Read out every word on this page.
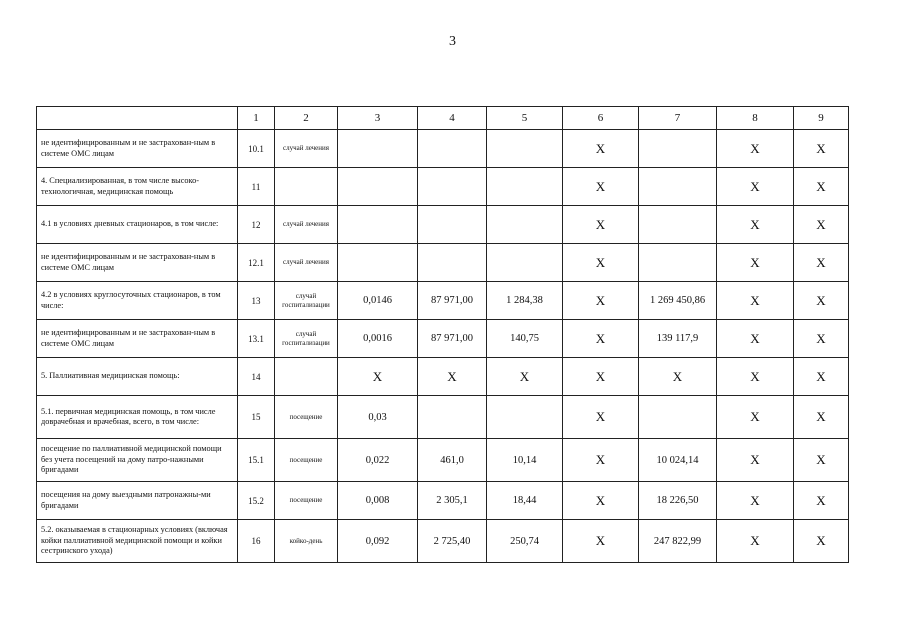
3
	1	2	3	4	5	6	7	8	9
не идентифицированным и не застрахован-ным в системе ОМС лицам	10.1	случай лечения				X		X	X
4. Специализированная, в том числе высоко-технологичная, медицинская помощь	11					X		X	X
4.1 в условиях дневных стационаров, в том числе:	12	случай лечения				X		X	X
не идентифицированным и не застрахован-ным в системе ОМС лицам	12.1	случай лечения				X		X	X
4.2 в условиях круглосуточных стационаров, в том числе:	13	случай госпитализации	0,0146	87 971,00	1 284,38	X	1 269 450,86	X	X
не идентифицированным и не застрахован-ным в системе ОМС лицам	13.1	случай госпитализации	0,0016	87 971,00	140,75	X	139 117,9	X	X
5. Паллиативная медицинская помощь:	14		X	X	X	X	X	X	X
5.1. первичная медицинская помощь, в том числе доврачебная и врачебная, всего, в том числе:	15	посещение	0,03			X		X	X
посещение по паллиативной медицинской помощи без учета посещений на дому патро-нажными бригадами	15.1	посещение	0,022	461,0	10,14	X	10 024,14	X	X
посещения на дому выездными патронажны-ми бригадами	15.2	посещение	0,008	2 305,1	18,44	X	18 226,50	X	X
5.2. оказываемая в стационарных условиях (включая койки паллиативной медицинской помощи и койки сестринского ухода)	16	койко-день	0,092	2 725,40	250,74	X	247 822,99	X	X
